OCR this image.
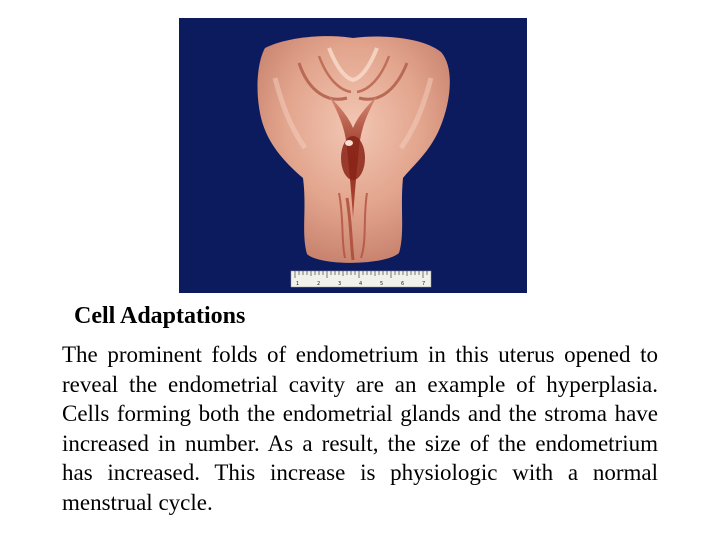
1	2	3	4	5	6	7
Cell Adaptations
The prominent folds of endometrium in this uterus opened to reveal the endometrial cavity are an example of hyperplasia. Cells forming both the endometrial glands and the stroma have increased in number. As a result, the size of the endometrium has increased. This increase is physiologic with a normal menstrual cycle.
